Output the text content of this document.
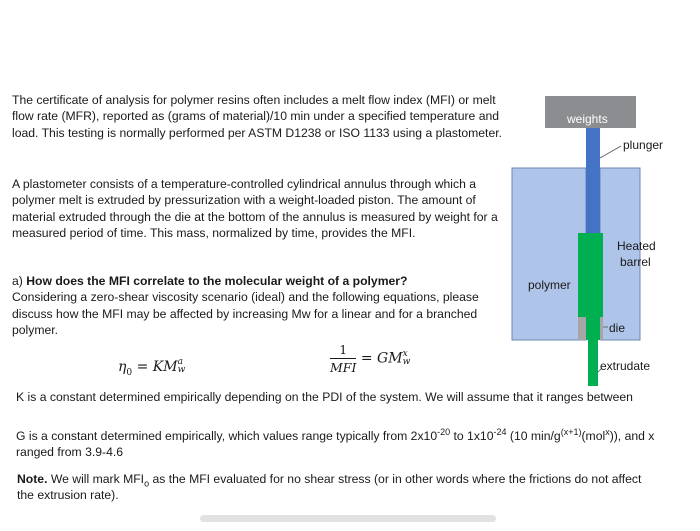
The certificate of analysis for polymer resins often includes a melt flow index (MFI) or melt flow rate (MFR), reported as (grams of material)/10 min under a specified temperature and load. This testing is normally performed per ASTM D1238 or ISO 1133 using a plastometer.

A plastometer consists of a temperature-controlled cylindrical annulus through which a polymer melt is extruded by pressurization with a weight-loaded piston. The amount of material extruded through the die at the bottom of the annulus is measured by weight for a measured period of time. This mass, normalized by time, provides the MFI.

a) How does the MFI correlate to the molecular weight of a polymer?
Considering a zero-shear viscosity scenario (ideal) and the following equations, please discuss how the MFI may be affected by increasing Mw for a linear and for a branched polymer.

$\eta_0$ = KM a
w	$\frac{1}{\text{MFI}}$ = GM x
w

K is a constant determined empirically depending on the PDI of the system. We will assume that it ranges between

G is a constant determined empirically, which values range typically from $2x10^{-20}$ to $1x10^{-24}$ (10 $\min/g^{(x+1)}(mol^x)$), and x ranged from 3.9-4.6

Note. We will mark $MFI_o$ as the MFI evaluated for no shear stress (or in other words where the frictions do not affect the extrusion rate).

weights
plunger
Heated
barrel
polymer
die
extrudate
